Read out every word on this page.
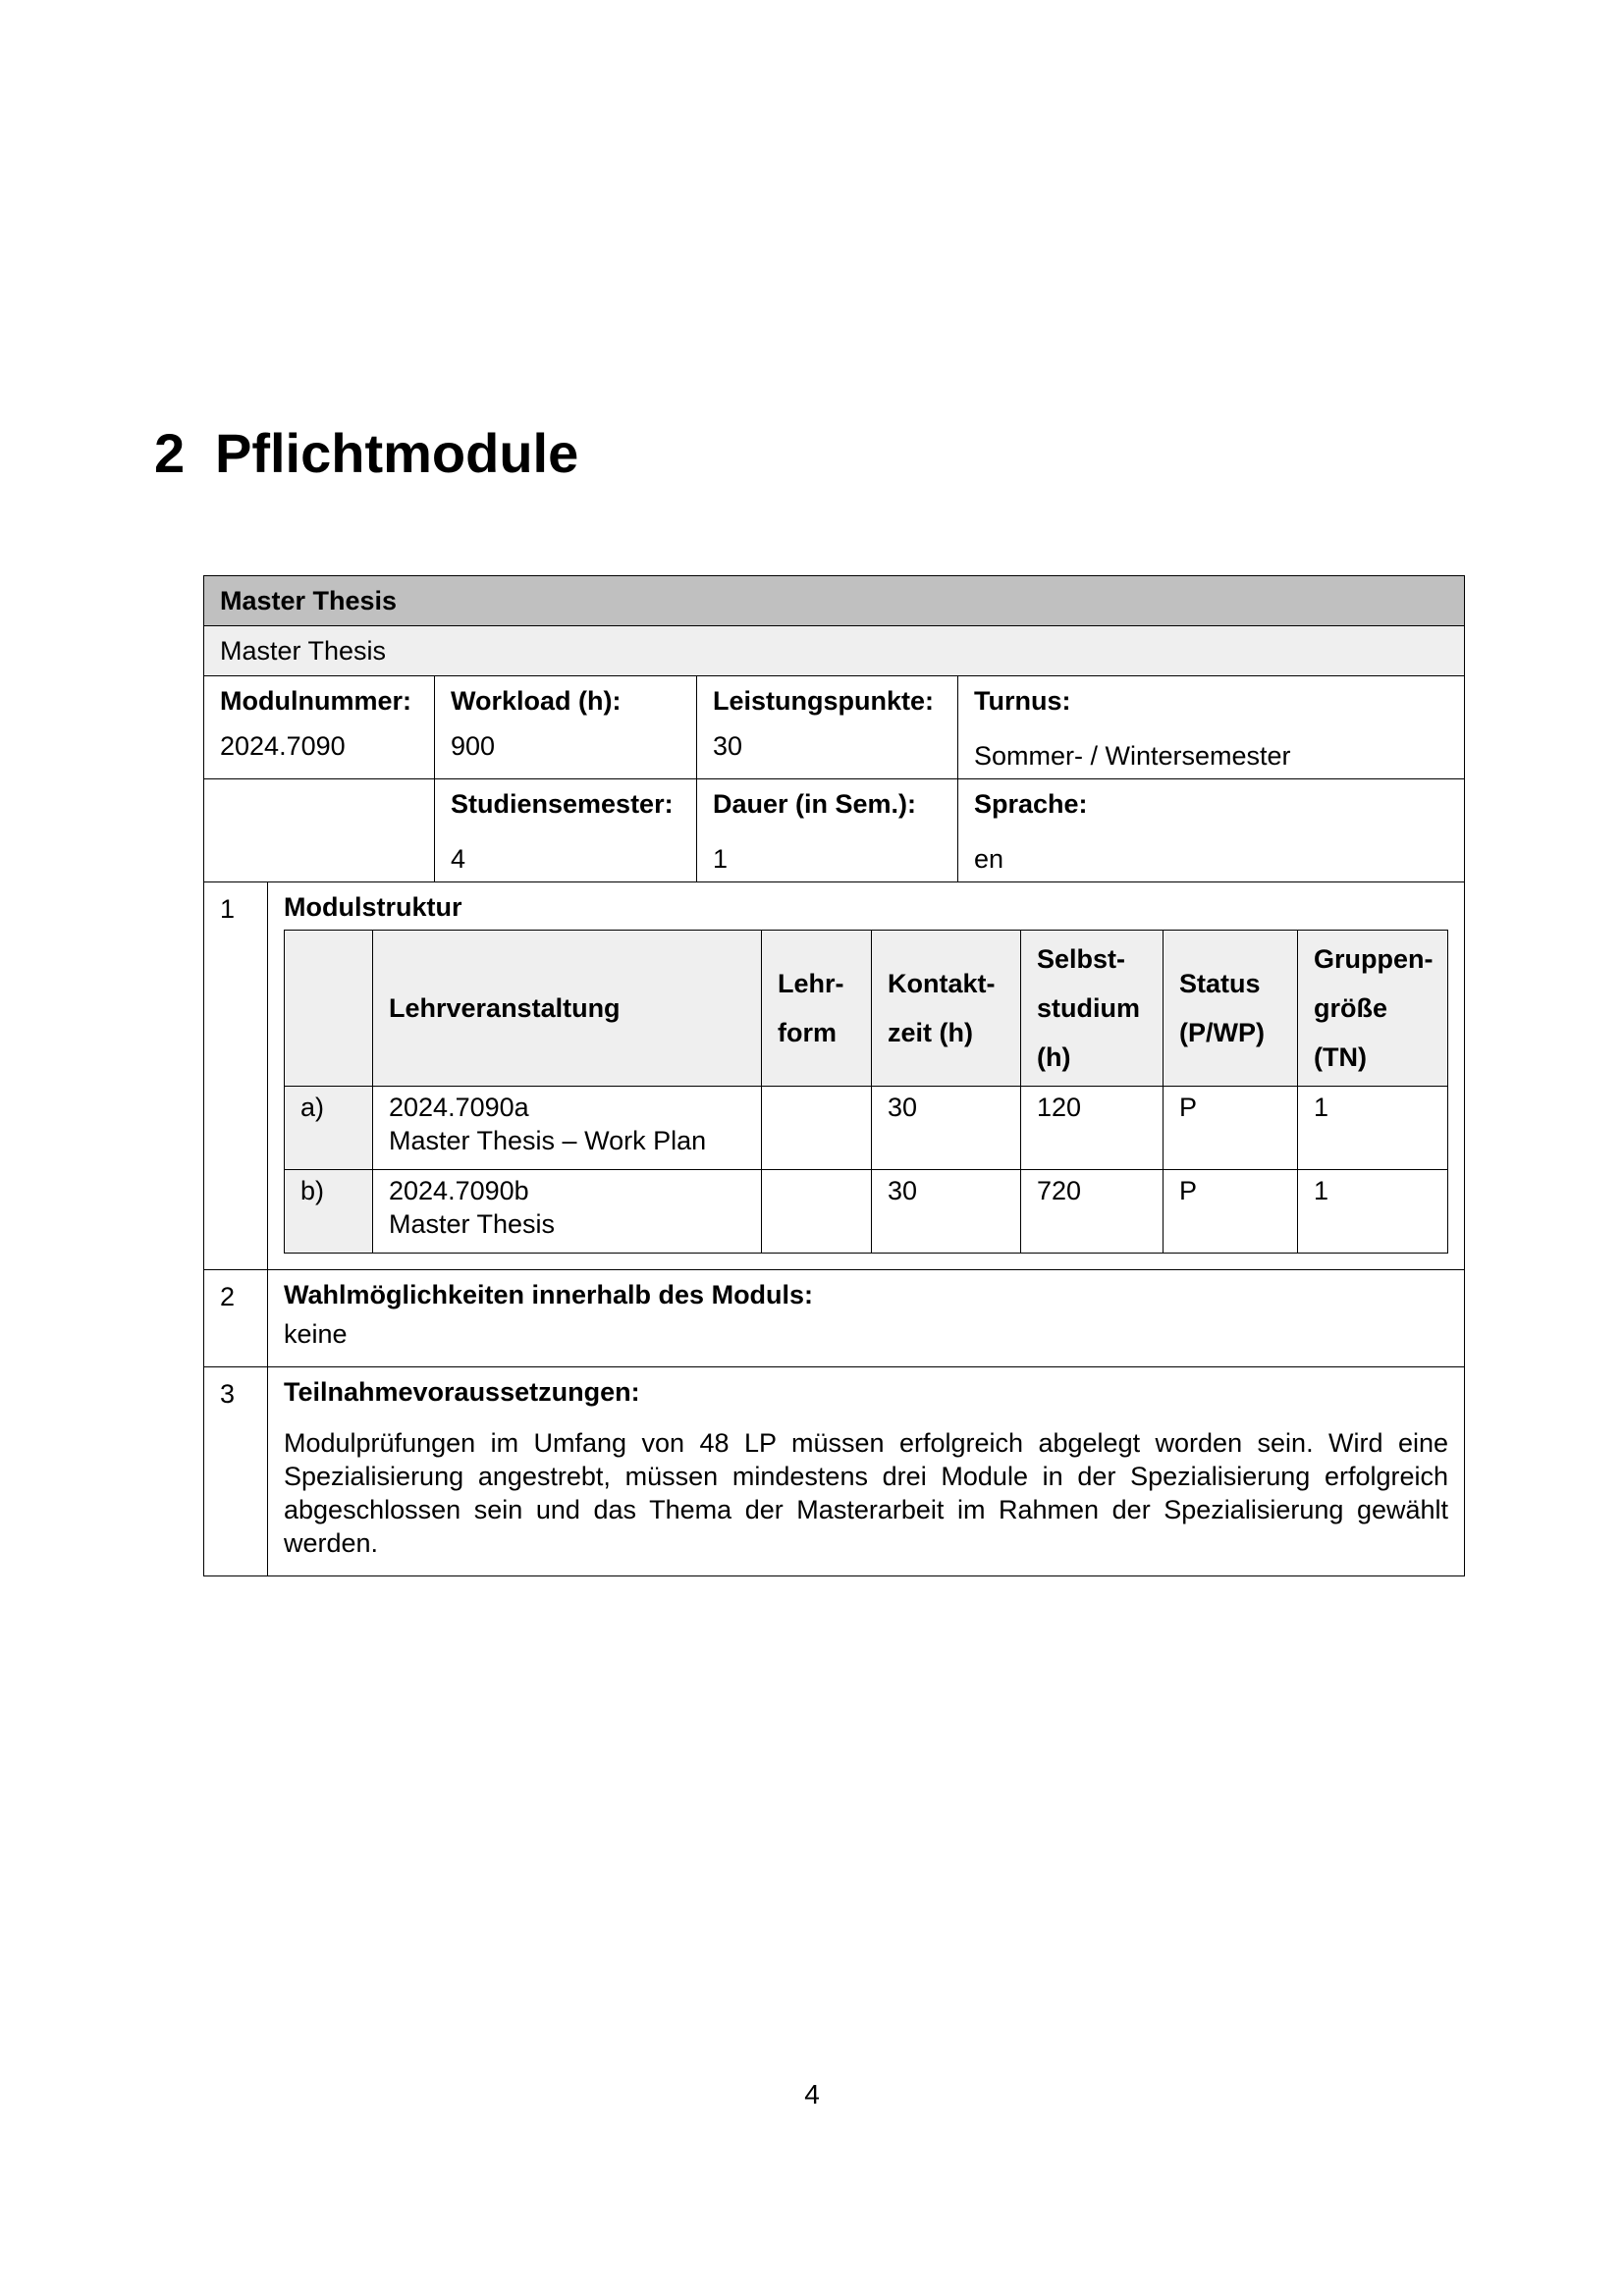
2 Pflichtmodule
Master Thesis
Master Thesis

Modulnummer:
2024.7090

Workload (h):
900

Leistungspunkte:
30

Turnus:
Sommer- / Wintersemester

Studiensemester:
4

Dauer (in Sem.):
1

Sprache:
en

1	Modulstruktur
	Lehrveranstaltung	Lehr-form	Kontakt-zeit (h)	Selbst-studium (h)	Status (P/WP)	Gruppen-größe (TN)
a)	2024.7090a
Master Thesis – Work Plan
		30	120	P	1
b)	2024.7090b
Master Thesis
		30	720	P	1

2	Wahlmöglichkeiten innerhalb des Moduls:
keine

3	Teilnahmevoraussetzungen:
Modulprüfungen im Umfang von 48 LP müssen erfolgreich abgelegt worden sein. Wird eine Spezialisierung angestrebt, müssen mindestens drei Module in der Spezialisierung erfolgreich abgeschlossen sein und das Thema der Masterarbeit im Rahmen der Spezialisierung gewählt werden.
4
